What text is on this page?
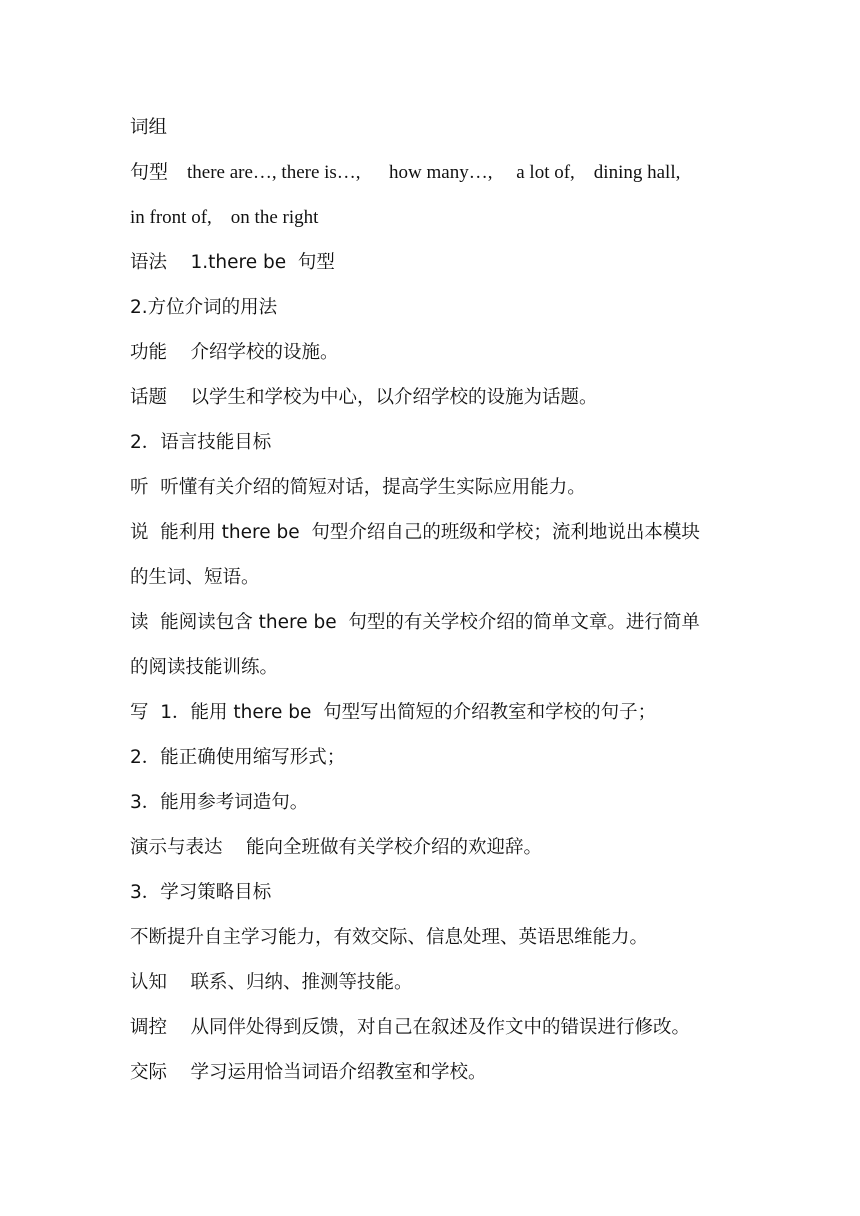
词组
句型    there are…, there is…,      how many…,     a lot of,    dining hall,
in front of,    on the right
语法    1.there be  句型
2.方位介词的用法
功能    介绍学校的设施。
话题    以学生和学校为中心，以介绍学校的设施为话题。
2．语言技能目标
听  听懂有关介绍的简短对话，提高学生实际应用能力。
说  能利用 there be  句型介绍自己的班级和学校；流利地说出本模块
的生词、短语。
读  能阅读包含 there be  句型的有关学校介绍的简单文章。进行简单
的阅读技能训练。
写  1．能用 there be  句型写出简短的介绍教室和学校的句子；
2．能正确使用缩写形式；
3．能用参考词造句。
演示与表达    能向全班做有关学校介绍的欢迎辞。
3．学习策略目标
不断提升自主学习能力，有效交际、信息处理、英语思维能力。
认知    联系、归纳、推测等技能。
调控    从同伴处得到反馈，对自己在叙述及作文中的错误进行修改。
交际    学习运用恰当词语介绍教室和学校。
